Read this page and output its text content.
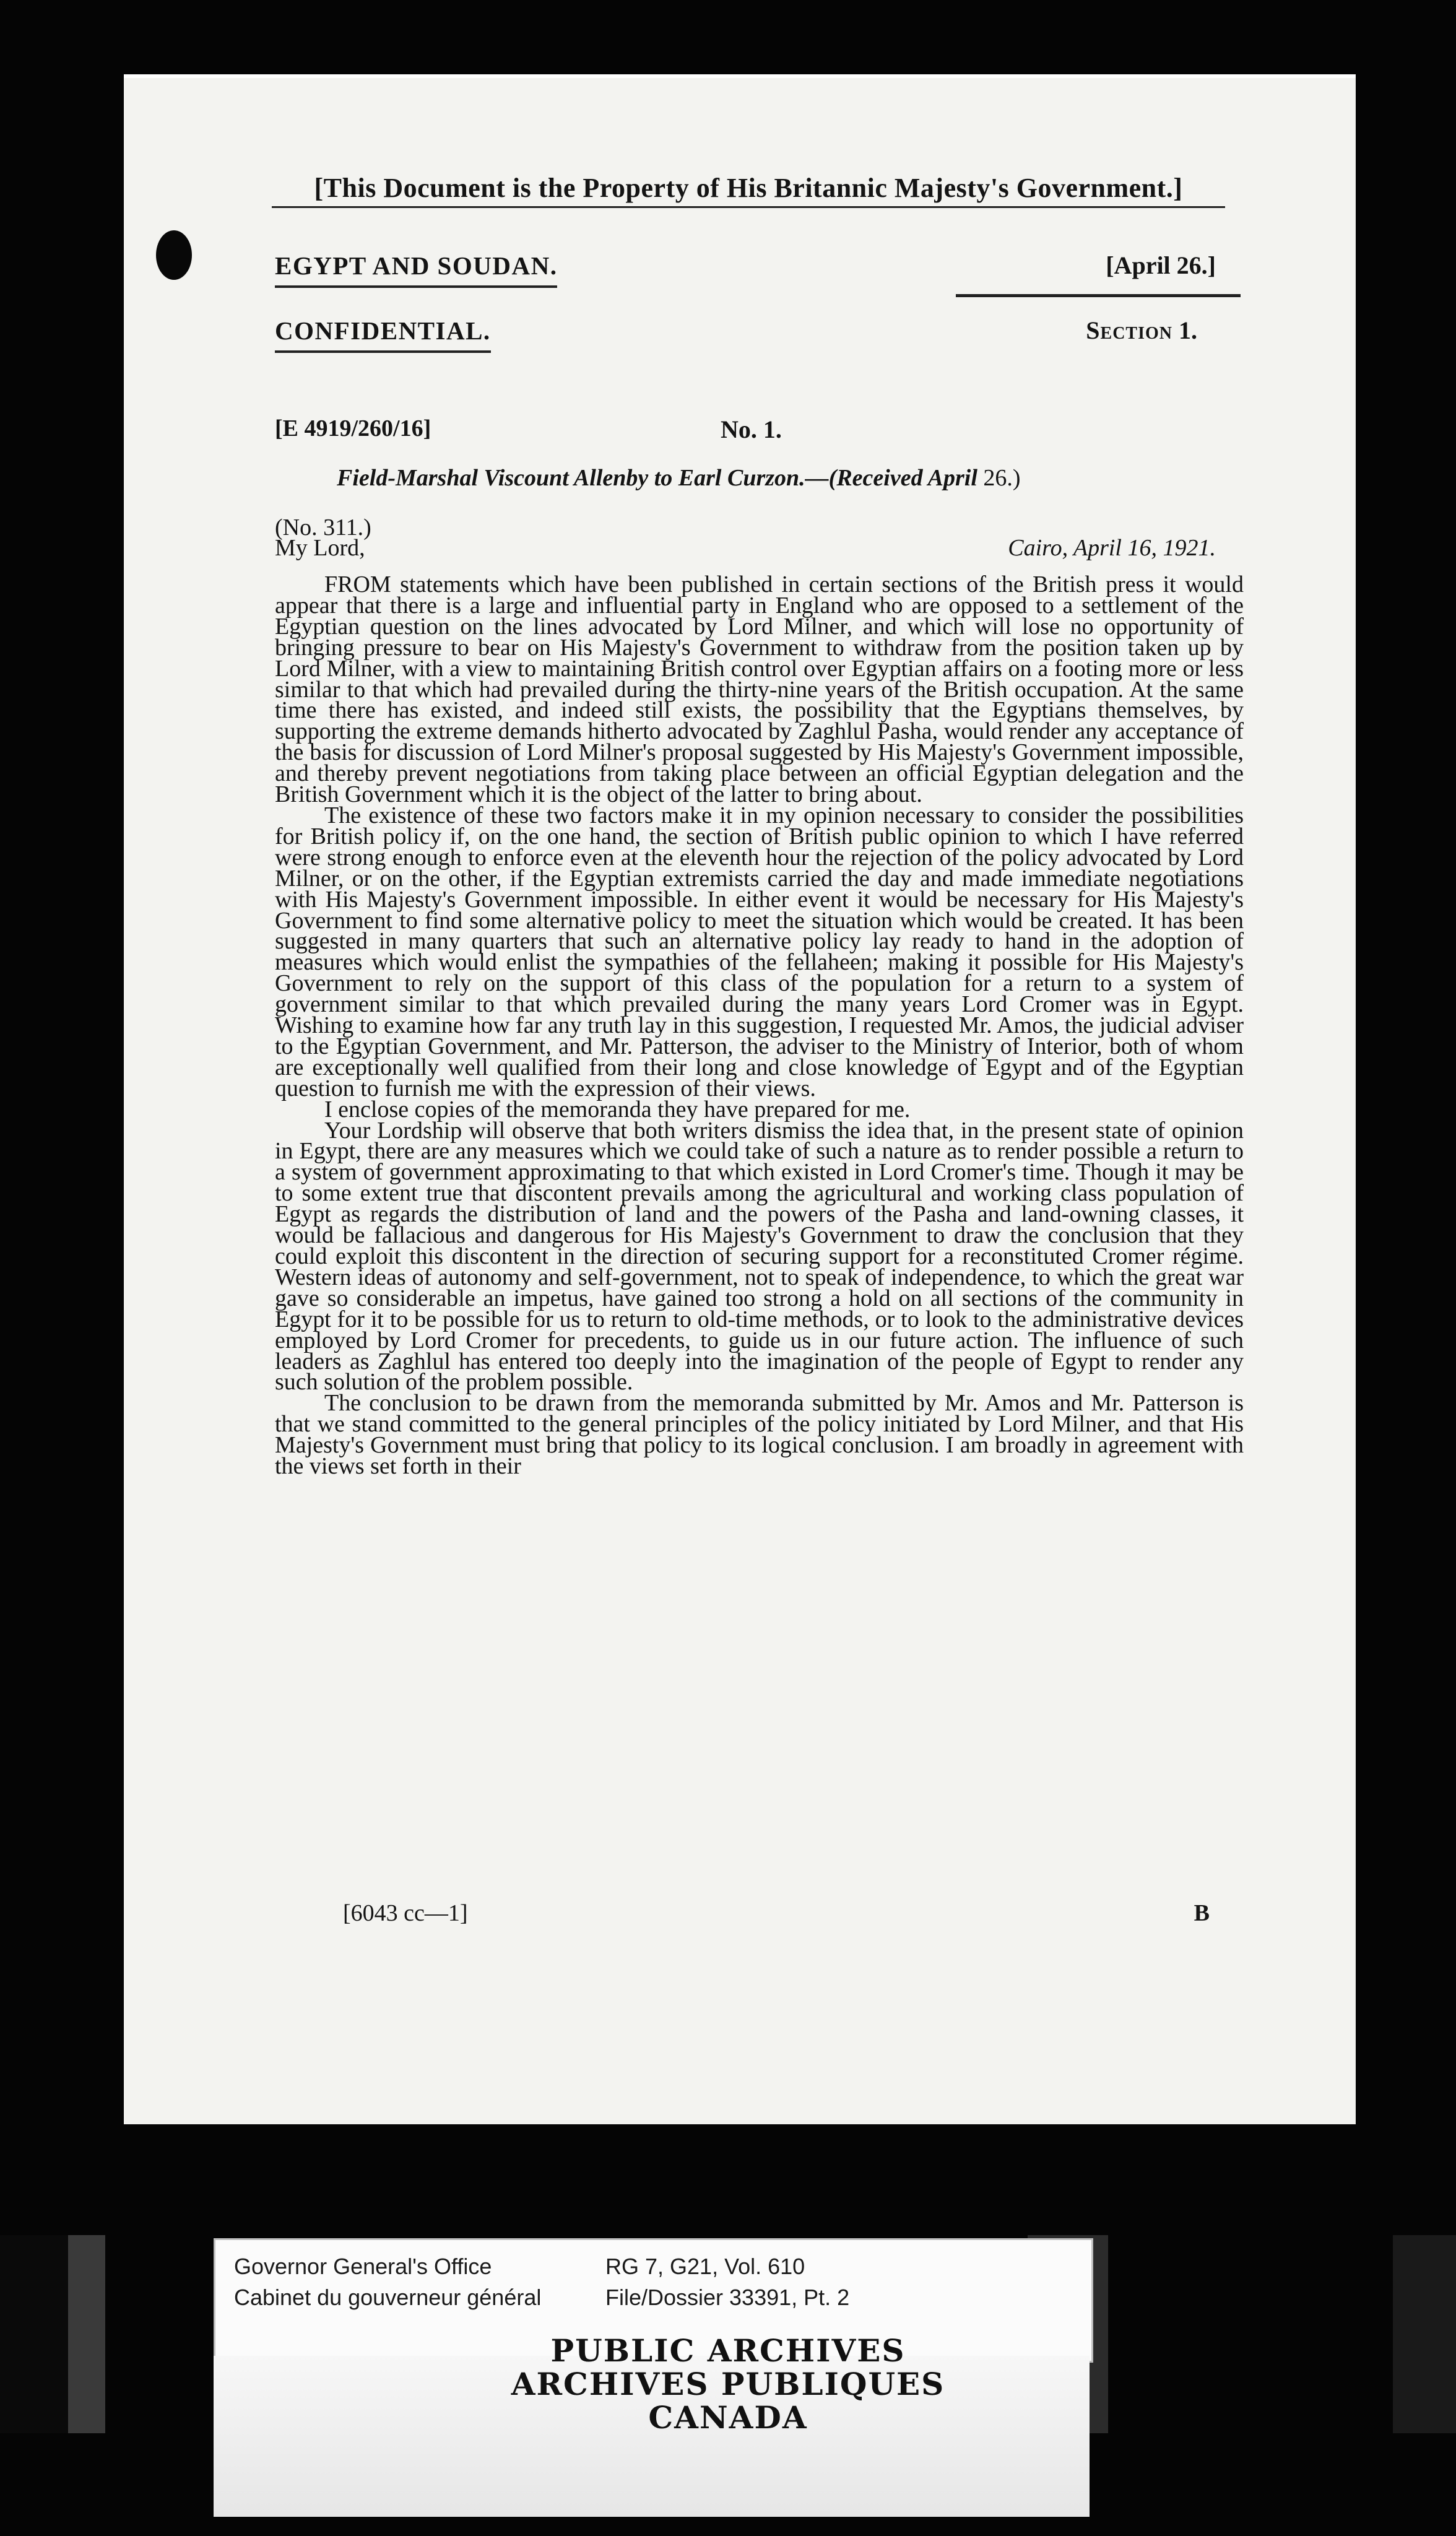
[This Document is the Property of His Britannic Majesty's Government.]
EGYPT AND SOUDAN.	[April 26.]
CONFIDENTIAL.	Section 1.
[E 4919/260/16]	No. 1.
Field-Marshal Viscount Allenby to Earl Curzon.—(Received April 26.)
(No. 311.)
My Lord,	Cairo, April 16, 1921.

FROM statements which have been published in certain sections of the British press it would appear that there is a large and influential party in England who are opposed to a settlement of the Egyptian question on the lines advocated by Lord Milner, and which will lose no opportunity of bringing pressure to bear on His Majesty's Government to withdraw from the position taken up by Lord Milner, with a view to maintaining British control over Egyptian affairs on a footing more or less similar to that which had prevailed during the thirty-nine years of the British occupation. At the same time there has existed, and indeed still exists, the possibility that the Egyptians themselves, by supporting the extreme demands hitherto advocated by Zaghlul Pasha, would render any acceptance of the basis for discussion of Lord Milner's proposal suggested by His Majesty's Government impossible, and thereby prevent negotiations from taking place between an official Egyptian delegation and the British Government which it is the object of the latter to bring about.

The existence of these two factors make it in my opinion necessary to consider the possibilities for British policy if, on the one hand, the section of British public opinion to which I have referred were strong enough to enforce even at the eleventh hour the rejection of the policy advocated by Lord Milner, or on the other, if the Egyptian extremists carried the day and made immediate negotiations with His Majesty's Government impossible. In either event it would be necessary for His Majesty's Government to find some alternative policy to meet the situation which would be created. It has been suggested in many quarters that such an alternative policy lay ready to hand in the adoption of measures which would enlist the sympathies of the fellaheen; making it possible for His Majesty's Government to rely on the support of this class of the population for a return to a system of government similar to that which prevailed during the many years Lord Cromer was in Egypt. Wishing to examine how far any truth lay in this suggestion, I requested Mr. Amos, the judicial adviser to the Egyptian Government, and Mr. Patterson, the adviser to the Ministry of Interior, both of whom are exceptionally well qualified from their long and close knowledge of Egypt and of the Egyptian question to furnish me with the expression of their views.

I enclose copies of the memoranda they have prepared for me.

Your Lordship will observe that both writers dismiss the idea that, in the present state of opinion in Egypt, there are any measures which we could take of such a nature as to render possible a return to a system of government approximating to that which existed in Lord Cromer's time. Though it may be to some extent true that discontent prevails among the agricultural and working class population of Egypt as regards the distribution of land and the powers of the Pasha and land-owning classes, it would be fallacious and dangerous for His Majesty's Government to draw the conclusion that they could exploit this discontent in the direction of securing support for a reconstituted Cromer régime. Western ideas of autonomy and self-government, not to speak of independence, to which the great war gave so considerable an impetus, have gained too strong a hold on all sections of the community in Egypt for it to be possible for us to return to old-time methods, or to look to the administrative devices employed by Lord Cromer for precedents, to guide us in our future action. The influence of such leaders as Zaghlul has entered too deeply into the imagination of the people of Egypt to render any such solution of the problem possible.

The conclusion to be drawn from the memoranda submitted by Mr. Amos and Mr. Patterson is that we stand committed to the general principles of the policy initiated by Lord Milner, and that His Majesty's Government must bring that policy to its logical conclusion. I am broadly in agreement with the views set forth in their

[6043 cc—1]	B
Governor General's Office
Cabinet du gouverneur général
RG 7, G21, Vol. 610
File/Dossier 33391, Pt. 2
PUBLIC ARCHIVES
ARCHIVES PUBLIQUES
CANADA
